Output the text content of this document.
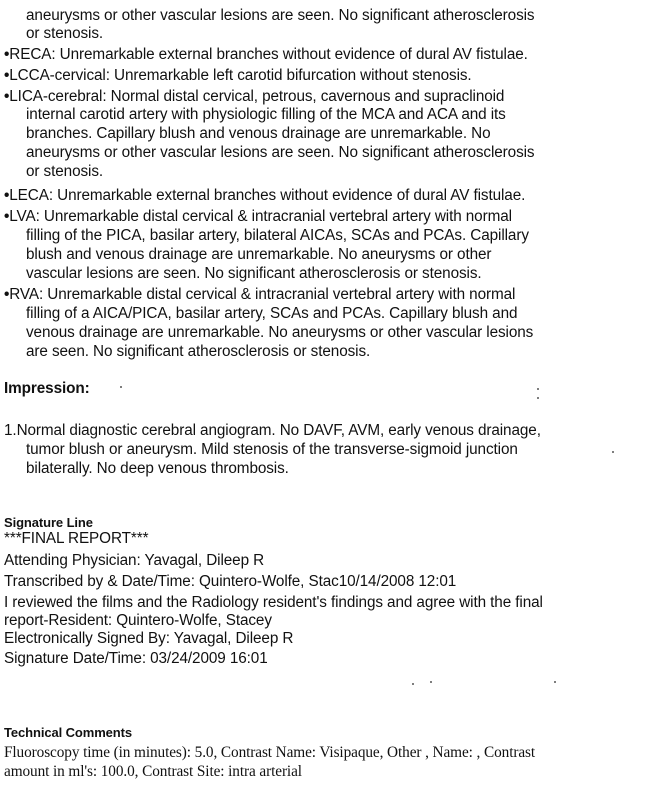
aneurysms or other vascular lesions are seen. No significant atherosclerosis
or stenosis.
•RECA: Unremarkable external branches without evidence of dural AV fistulae.
•LCCA-cervical: Unremarkable left carotid bifurcation without stenosis.
•LICA-cerebral: Normal distal cervical, petrous, cavernous and supraclinoid
internal carotid artery with physiologic filling of the MCA and ACA and its
branches. Capillary blush and venous drainage are unremarkable. No
aneurysms or other vascular lesions are seen. No significant atherosclerosis
or stenosis.
•LECA: Unremarkable external branches without evidence of dural AV fistulae.
•LVA: Unremarkable distal cervical & intracranial vertebral artery with normal
filling of the PICA, basilar artery, bilateral AICAs, SCAs and PCAs. Capillary
blush and venous drainage are unremarkable. No aneurysms or other
vascular lesions are seen. No significant atherosclerosis or stenosis.
•RVA: Unremarkable distal cervical & intracranial vertebral artery with normal
filling of a AICA/PICA, basilar artery, SCAs and PCAs. Capillary blush and
venous drainage are unremarkable. No aneurysms or other vascular lesions
are seen. No significant atherosclerosis or stenosis.
Impression:
1.Normal diagnostic cerebral angiogram. No DAVF, AVM, early venous drainage,
tumor blush or aneurysm. Mild stenosis of the transverse-sigmoid junction
bilaterally. No deep venous thrombosis.
Signature Line
***FINAL REPORT***
Attending Physician: Yavagal, Dileep R
Transcribed by & Date/Time: Quintero-Wolfe, Stac10/14/2008 12:01
I reviewed the films and the Radiology resident's findings and agree with the final
report-Resident: Quintero-Wolfe, Stacey
Electronically Signed By: Yavagal, Dileep R
Signature Date/Time: 03/24/2009 16:01
Technical Comments
Fluoroscopy time (in minutes): 5.0, Contrast Name: Visipaque, Other , Name: , Contrast
amount in ml's: 100.0, Contrast Site: intra arterial
